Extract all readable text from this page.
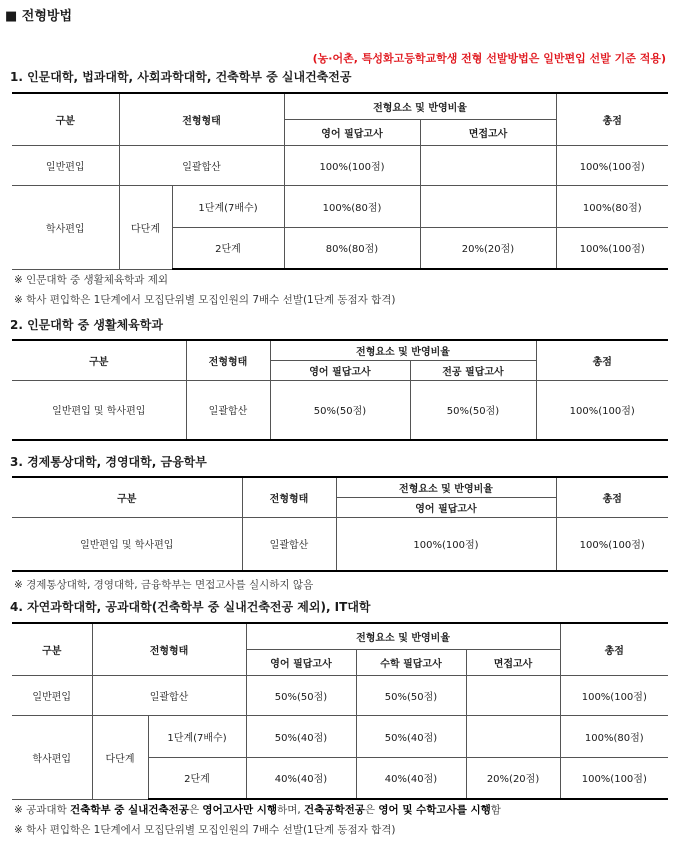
■ 전형방법
(농·어촌, 특성화고등학교학생 전형 선발방법은 일반편입 선발 기준 적용)
1. 인문대학, 법과대학, 사회과학대학, 건축학부 중 실내건축전공
구분	전형형태		전형요소 및 반영비율		총점
			영어 필답고사	면접고사	
일반편입	일괄합산		100%(100점)		100%(100점)
학사편입	다단계	1단계(7배수)	100%(80점)		100%(80점)
		2단계	80%(80점)	20%(20점)	100%(100점)
※ 인문대학 중 생활체육학과 제외
※ 학사 편입학은 1단계에서 모집단위별 모집인원의 7배수 선발(1단계 동점자 합격)
2. 인문대학 중 생활체육학과
구분	전형형태	전형요소 및 반영비율		총점
		영어 필답고사	전공 필답고사	
일반편입 및 학사편입	일괄합산	50%(50점)	50%(50점)	100%(100점)
3. 경제통상대학, 경영대학, 금융학부
구분	전형형태	전형요소 및 반영비율	총점
		영어 필답고사	
일반편입 및 학사편입	일괄합산	100%(100점)	100%(100점)
※ 경제통상대학, 경영대학, 금융학부는 면접고사를 실시하지 않음
4. 자연과학대학, 공과대학(건축학부 중 실내건축전공 제외), IT대학
구분	전형형태		전형요소 및 반영비율			총점
			영어 필답고사	수학 필답고사	면접고사	
일반편입	일괄합산		50%(50점)	50%(50점)		100%(100점)
학사편입	다단계	1단계(7배수)	50%(40점)	50%(40점)		100%(80점)
		2단계	40%(40점)	40%(40점)	20%(20점)	100%(100점)
※ 공과대학 건축학부 중 실내건축전공은 영어고사만 시행하며, 건축공학전공은 영어 및 수학고사를 시행함
※ 학사 편입학은 1단계에서 모집단위별 모집인원의 7배수 선발(1단계 동점자 합격)
